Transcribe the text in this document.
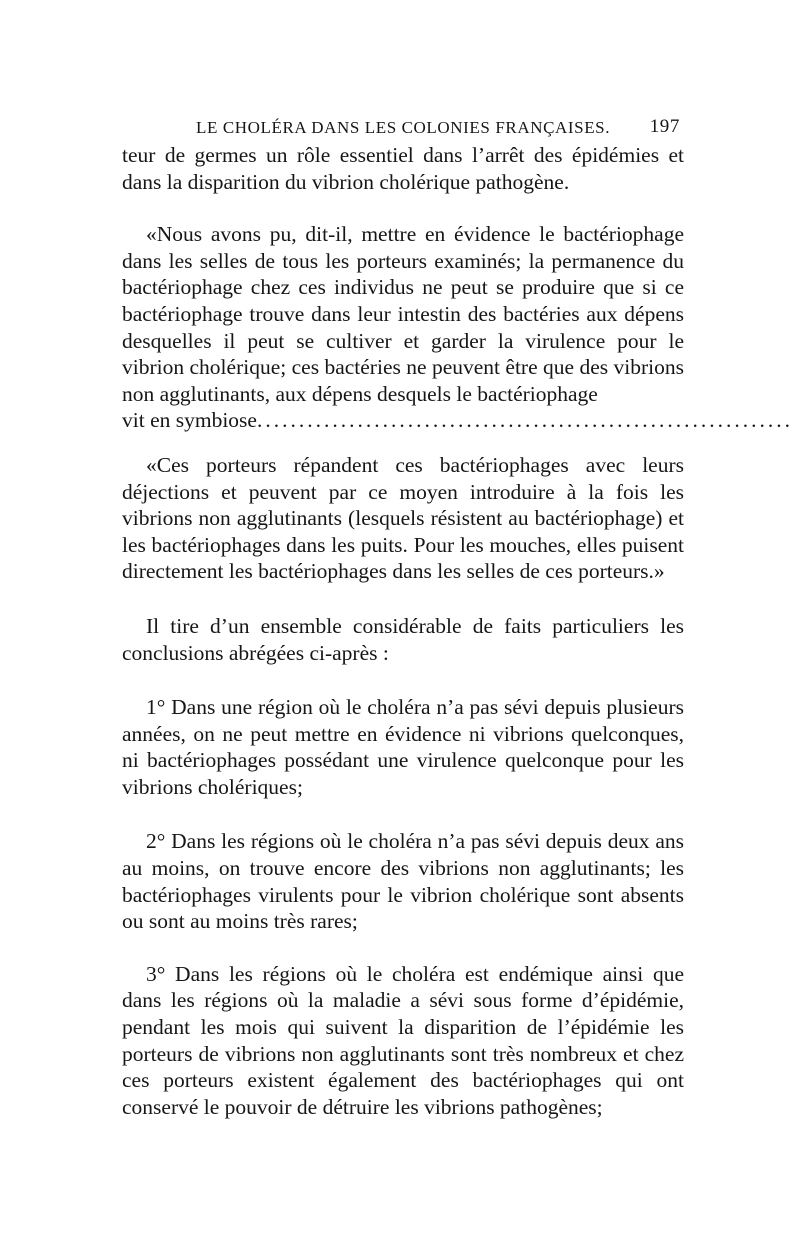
LE CHOLÉRA DANS LES COLONIES FRANÇAISES. 197

teur de germes un rôle essentiel dans l’arrêt des épidémies et dans la disparition du vibrion cholérique pathogène.

«Nous avons pu, dit-il, mettre en évidence le bactériophage dans les selles de tous les porteurs examinés; la permanence du bactériophage chez ces individus ne peut se produire que si ce bactériophage trouve dans leur intestin des bactéries aux dépens desquelles il peut se cultiver et garder la virulence pour le vibrion cholérique; ces bactéries ne peuvent être que des vibrions non agglutinants, aux dépens desquels le bactériophage

vit en symbiose ................................................................

«Ces porteurs répandent ces bactériophages avec leurs déjections et peuvent par ce moyen introduire à la fois les vibrions non agglutinants (lesquels résistent au bactériophage) et les bactériophages dans les puits. Pour les mouches, elles puisent directement les bactériophages dans les selles de ces porteurs.»

Il tire d’un ensemble considérable de faits particuliers les conclusions abrégées ci-après :

1° Dans une région où le choléra n’a pas sévi depuis plusieurs années, on ne peut mettre en évidence ni vibrions quelconques, ni bactériophages possédant une virulence quelconque pour les vibrions cholériques;

2° Dans les régions où le choléra n’a pas sévi depuis deux ans au moins, on trouve encore des vibrions non agglutinants; les bactériophages virulents pour le vibrion cholérique sont absents ou sont au moins très rares;

3° Dans les régions où le choléra est endémique ainsi que dans les régions où la maladie a sévi sous forme d’épidémie, pendant les mois qui suivent la disparition de l’épidémie les porteurs de vibrions non agglutinants sont très nombreux et chez ces porteurs existent également des bactériophages qui ont conservé le pouvoir de détruire les vibrions pathogènes;
